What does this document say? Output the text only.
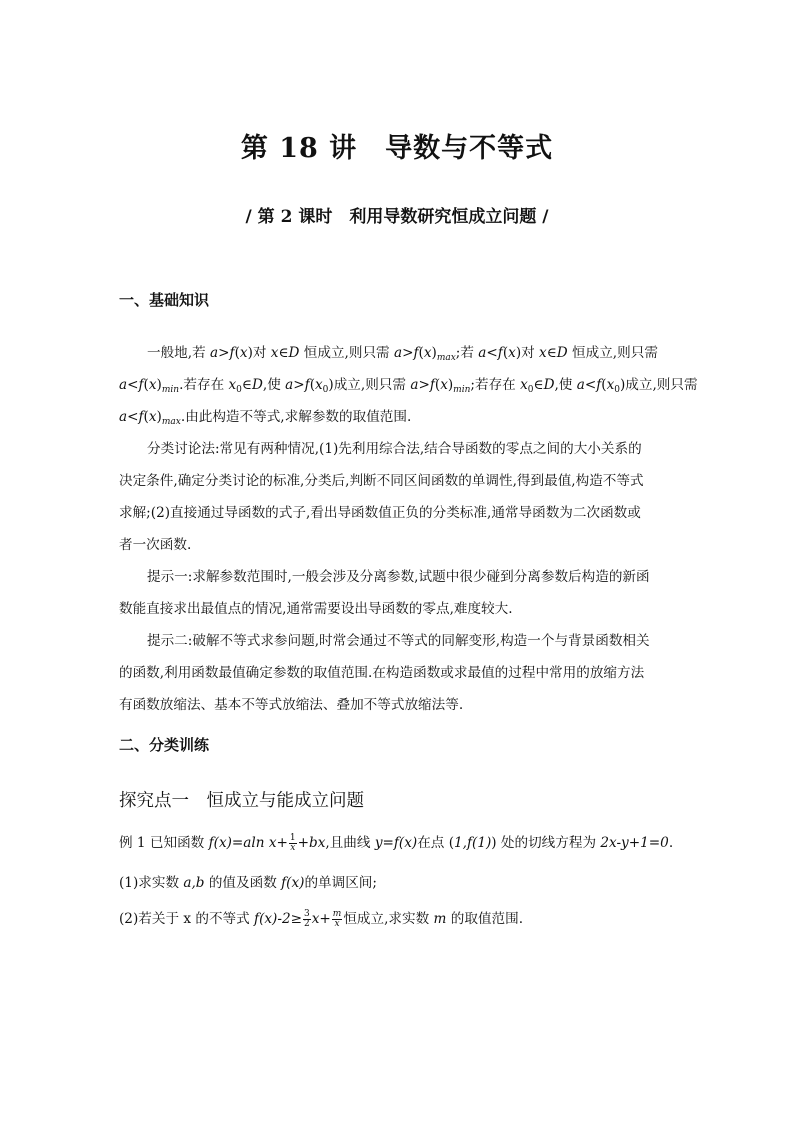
第 18 讲　导数与不等式
/ 第 2 课时　利用导数研究恒成立问题 /
一、基础知识
一般地,若 a>f(x)对 x∈D 恒成立,则只需 $a>f(x)_{max}$;若 a<f(x)对 x∈D 恒成立,则只需
$a<f(x)_{min}$.若存在 $x_0\in D$,使 $a>f(x_0)$成立,则只需 $a>f(x)_{min}$;若存在 $x_0\in D$,使 $a<f(x_0)$成立,则只需
$a<f(x)_{max}$.由此构造不等式,求解参数的取值范围.
分类讨论法:常见有两种情况,(1)先利用综合法,结合导函数的零点之间的大小关系的
决定条件,确定分类讨论的标准,分类后,判断不同区间函数的单调性,得到最值,构造不等式
求解;(2)直接通过导函数的式子,看出导函数值正负的分类标准,通常导函数为二次函数或
者一次函数.
提示一:求解参数范围时,一般会涉及分离参数,试题中很少碰到分离参数后构造的新函
数能直接求出最值点的情况,通常需要设出导函数的零点,难度较大.
提示二:破解不等式求参问题,时常会通过不等式的同解变形,构造一个与背景函数相关
的函数,利用函数最值确定参数的取值范围.在构造函数或求最值的过程中常用的放缩方法
有函数放缩法、基本不等式放缩法、叠加不等式放缩法等.
二、分类训练
探究点一　恒成立与能成立问题
例 1 已知函数 f(x)=aln $x+ \frac{1}{x}+bx$,且曲线 y=f(x)在点 (1,f(1)) 处的切线方程为 2x-y+1=0.
(1)求实数 a,b 的值及函数 f(x)的单调区间;
(2)若关于 x 的不等式 $f(x)-2\ge \frac{3}{2} x+ \frac{m}{x}$恒成立,求实数 m 的取值范围.
